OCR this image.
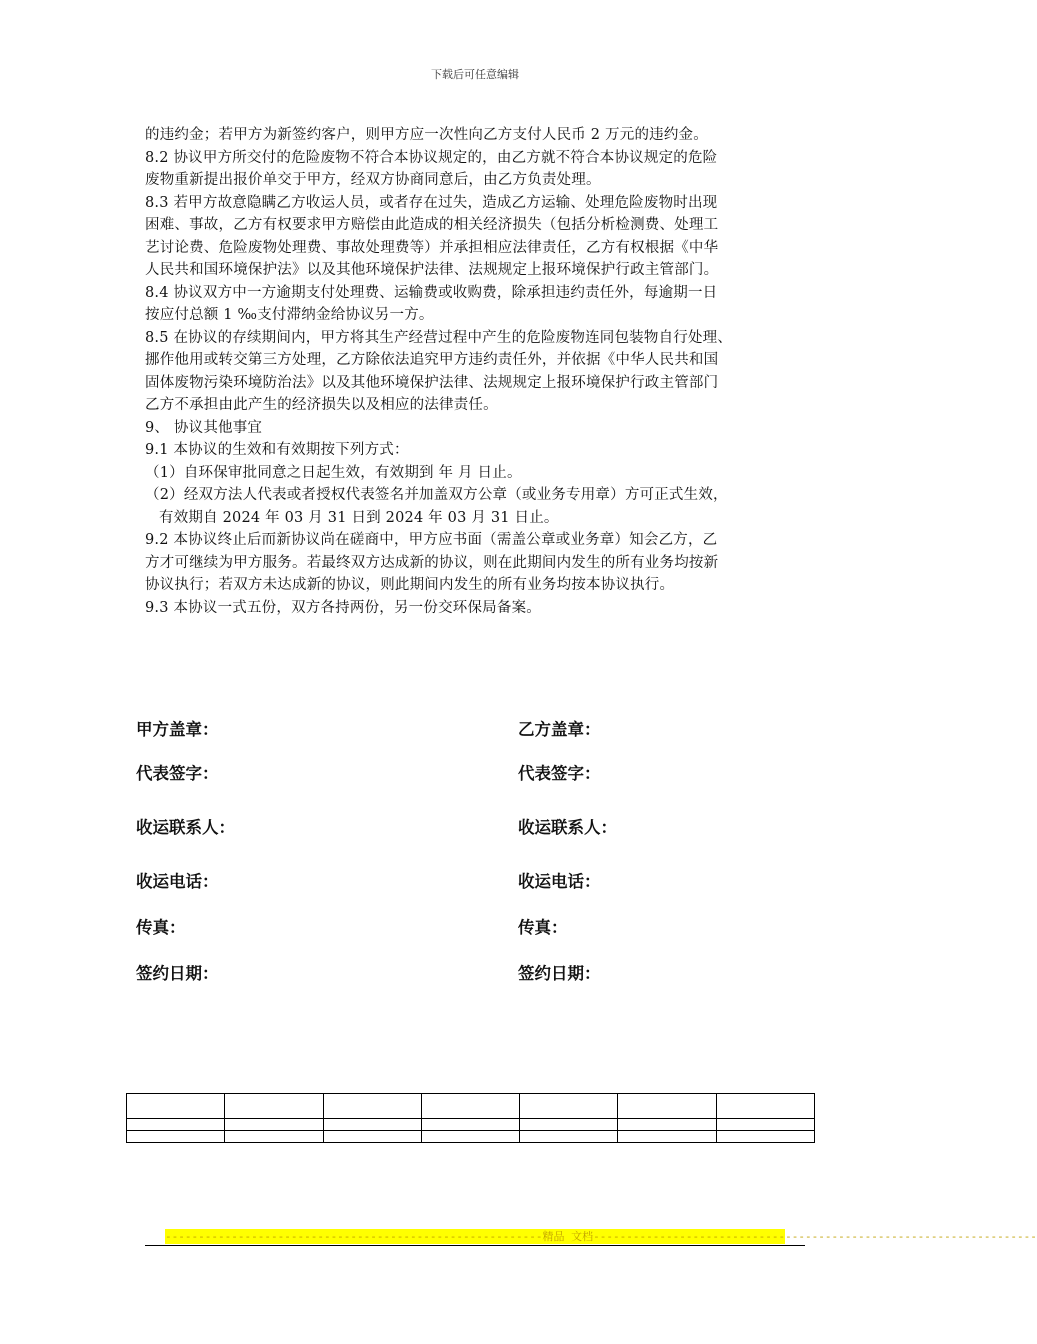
下载后可任意编辑

的违约金；若甲方为新签约客户，则甲方应一次性向乙方支付人民币 2 万元的违约金。

8.2 协议甲方所交付的危险废物不符合本协议规定的，由乙方就不符合本协议规定的危险

废物重新提出报价单交于甲方，经双方协商同意后，由乙方负责处理。

8.3 若甲方故意隐瞒乙方收运人员，或者存在过失，造成乙方运输、处理危险废物时出现

困难、事故，乙方有权要求甲方赔偿由此造成的相关经济损失（包括分析检测费、处理工

艺讨论费、危险废物处理费、事故处理费等）并承担相应法律责任，乙方有权根据《中华

人民共和国环境保护法》以及其他环境保护法律、法规规定上报环境保护行政主管部门。

8.4 协议双方中一方逾期支付处理费、运输费或收购费，除承担违约责任外，每逾期一日

按应付总额 1 ‰支付滞纳金给协议另一方。

8.5 在协议的存续期间内，甲方将其生产经营过程中产生的危险废物连同包装物自行处理、

挪作他用或转交第三方处理，乙方除依法追究甲方违约责任外，并依据《中华人民共和国

固体废物污染环境防治法》以及其他环境保护法律、法规规定上报环境保护行政主管部门

乙方不承担由此产生的经济损失以及相应的法律责任。

9、 协议其他事宜

9.1 本协议的生效和有效期按下列方式：

（1）自环保审批同意之日起生效，有效期到 年 月 日止。

（2）经双方法人代表或者授权代表签名并加盖双方公章（或业务专用章）方可正式生效，

有效期自 2024 年 03 月 31 日到 2024 年 03 月 31 日止。

9.2 本协议终止后而新协议尚在磋商中，甲方应书面（需盖公章或业务章）知会乙方，乙

方才可继续为甲方服务。若最终双方达成新的协议，则在此期间内发生的所有业务均按新

协议执行；若双方未达成新的协议，则此期间内发生的所有业务均按本协议执行。

9.3 本协议一式五份，双方各持两份，另一份交环保局备案。

甲方盖章：	乙方盖章：
代表签字：	代表签字：
收运联系人：	收运联系人：
收运电话：	收运电话：
传真：	传真：
签约日期：	签约日期：

---------------------------------------------------------精品 文档-------------------------------------------------------------------
